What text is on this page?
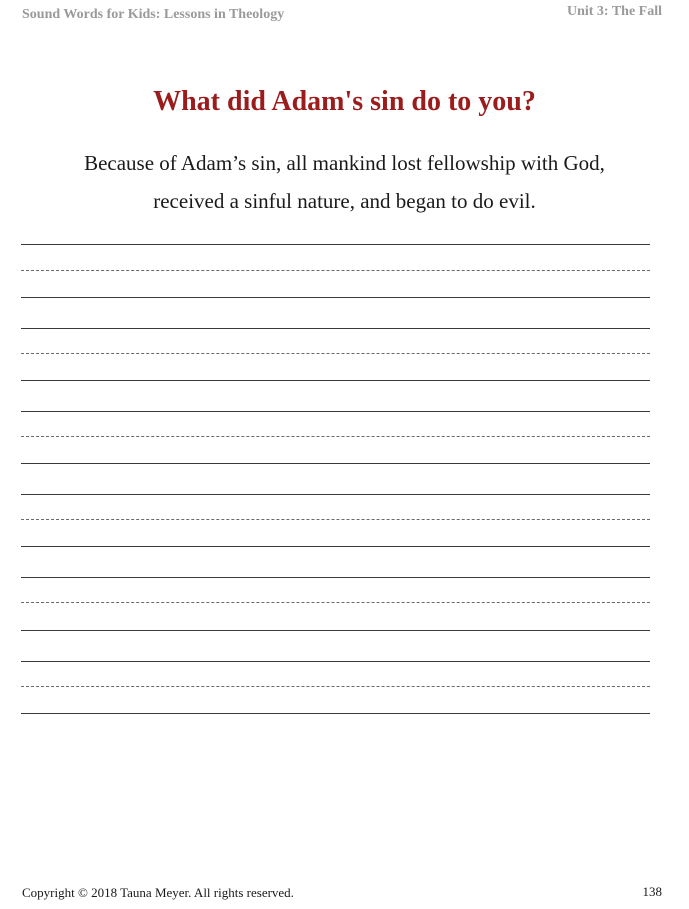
Sound Words for Kids: Lessons in Theology	Unit 3: The Fall
What did Adam's sin do to you?
Because of Adam’s sin, all mankind lost fellowship with God,
received a sinful nature, and began to do evil.
Copyright © 2018 Tauna Meyer. All rights reserved.	138
